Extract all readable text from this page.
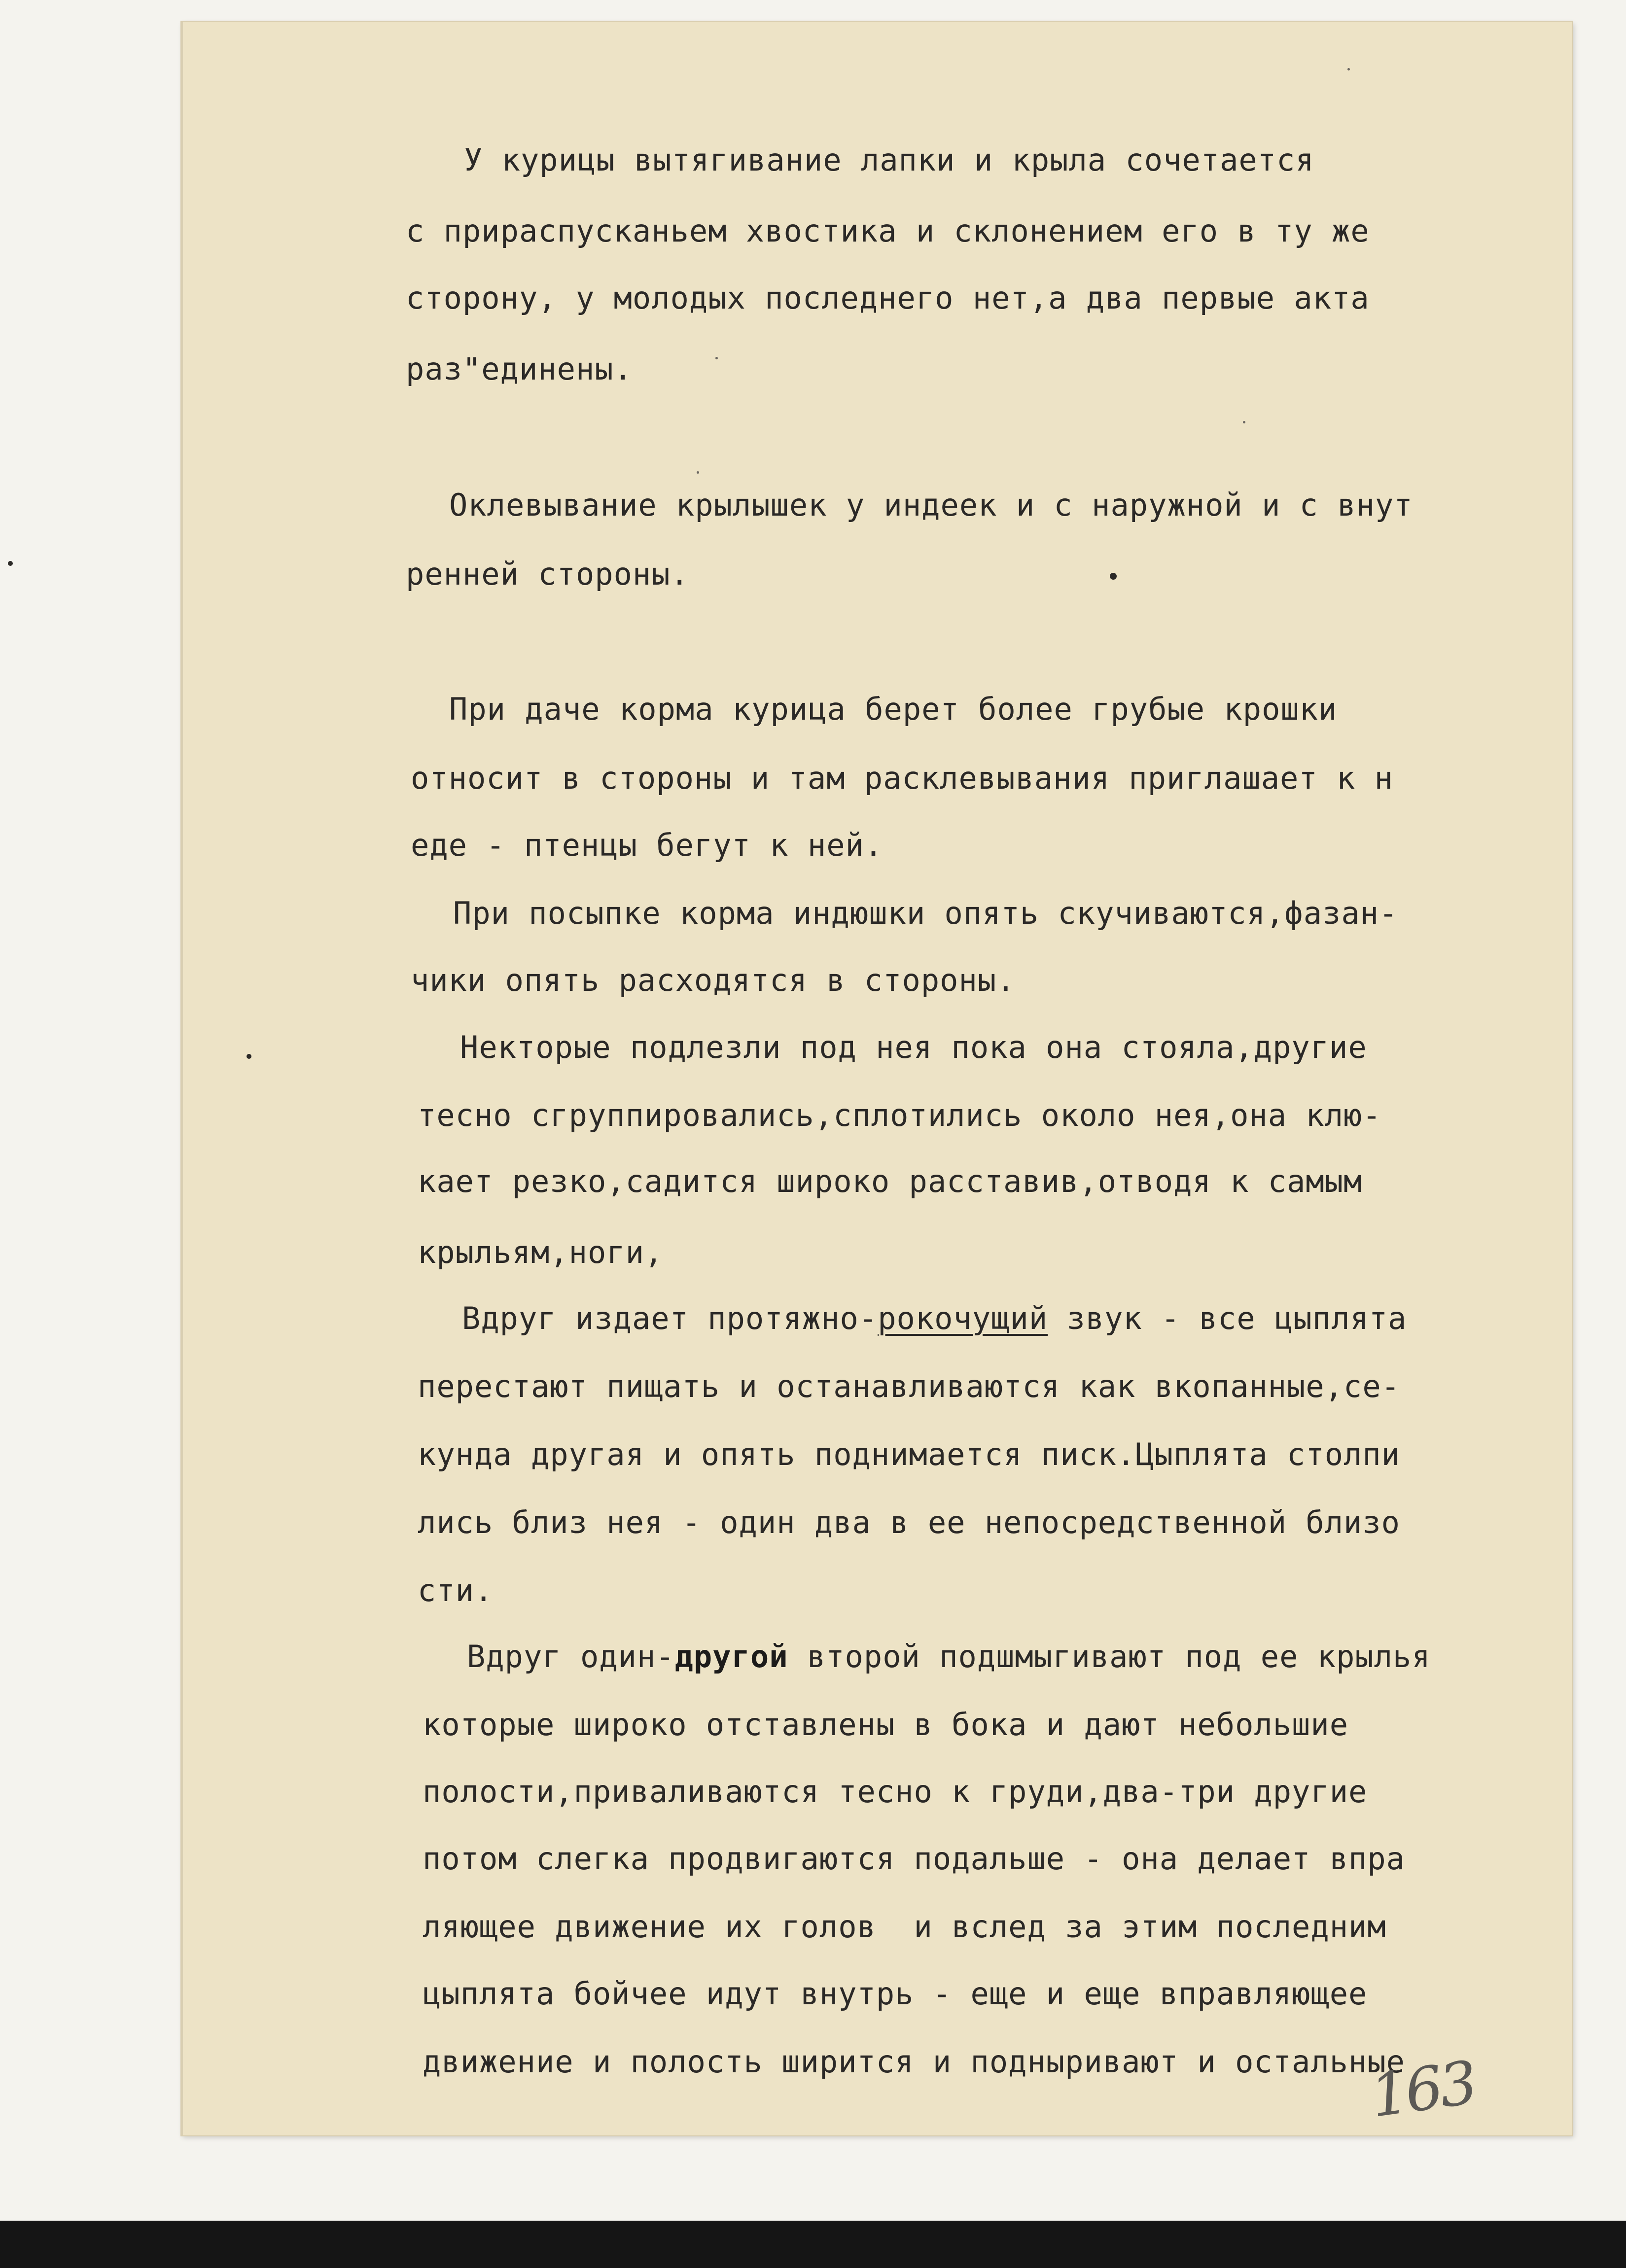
У курицы вытягивание лапки и крыла сочетается
с прираспусканьем хвостика и склонением его в ту же
сторону, у молодых последнего нет,а два первые акта
раз"единены.
Оклевывание крылышек у индеек и с наружной и с внут
ренней стороны.
При даче корма курица берет более грубые крошки
относит в стороны и там расклевывания приглашает к н
еде - птенцы бегут к ней.
При посыпке корма индюшки опять скучиваются,фазан-
чики опять расходятся в стороны.
Некторые подлезли под нея пока она стояла,другие
тесно сгруппировались,сплотились около нея,она клю-
кает резко,садится широко расставив,отводя к самым
крыльям,ноги,
Вдруг издает протяжно-рокочущий звук - все цыплята
перестают пищать и останавливаются как вкопанные,се-
кунда другая и опять поднимается писк.Цыплята столпи
лись близ нея - один два в ее непосредственной близо
сти.
Вдруг один-другой второй подшмыгивают под ее крылья
которые широко отставлены в бока и дают небольшие
полости,приваливаются тесно к груди,два-три другие
потом слегка продвигаются подальше - она делает впра
ляющее движение их голов  и вслед за этим последним
цыплята бойчее идут внутрь - еще и еще вправляющее
движение и полость ширится и подныривают и остальные
163
